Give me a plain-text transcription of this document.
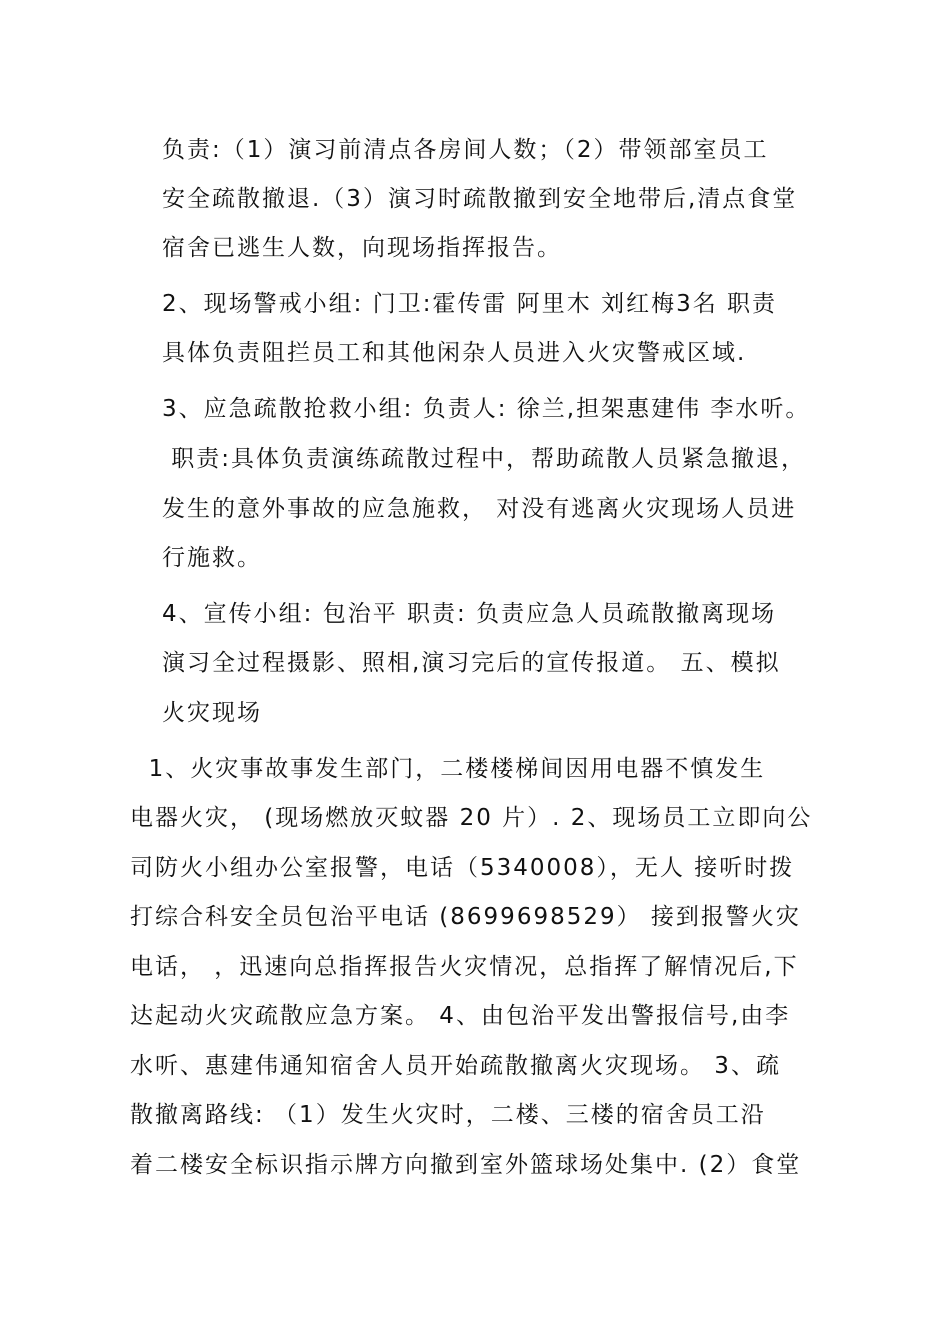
负责:（1）演习前清点各房间人数；（2）带领部室员工
安全疏散撤退.（3）演习时疏散撤到安全地带后,清点食堂
宿舍已逃生人数，向现场指挥报告。
2、现场警戒小组: 门卫:霍传雷 阿里木 刘红梅3名 职责
具体负责阻拦员工和其他闲杂人员进入火灾警戒区域.
3、应急疏散抢救小组: 负责人: 徐兰,担架惠建伟 李水听。
职责:具体负责演练疏散过程中，帮助疏散人员紧急撤退，
发生的意外事故的应急施救， 对没有逃离火灾现场人员进
行施救。
4、宣传小组: 包治平 职责: 负责应急人员疏散撤离现场
演习全过程摄影、照相,演习完后的宣传报道。 五、模拟
火灾现场
1、火灾事故事发生部门，二楼楼梯间因用电器不慎发生
电器火灾， (现场燃放灭蚊器 20 片）. 2、现场员工立即向公
司防火小组办公室报警，电话（5340008），无人 接听时拨
打综合科安全员包治平电话 (8699698529） 接到报警火灾
电话， ，迅速向总指挥报告火灾情况，总指挥了解情况后,下
达起动火灾疏散应急方案。 4、由包治平发出警报信号,由李
水听、惠建伟通知宿舍人员开始疏散撤离火灾现场。 3、疏
散撤离路线: （1）发生火灾时，二楼、三楼的宿舍员工沿
着二楼安全标识指示牌方向撤到室外篮球场处集中. (2）食堂
